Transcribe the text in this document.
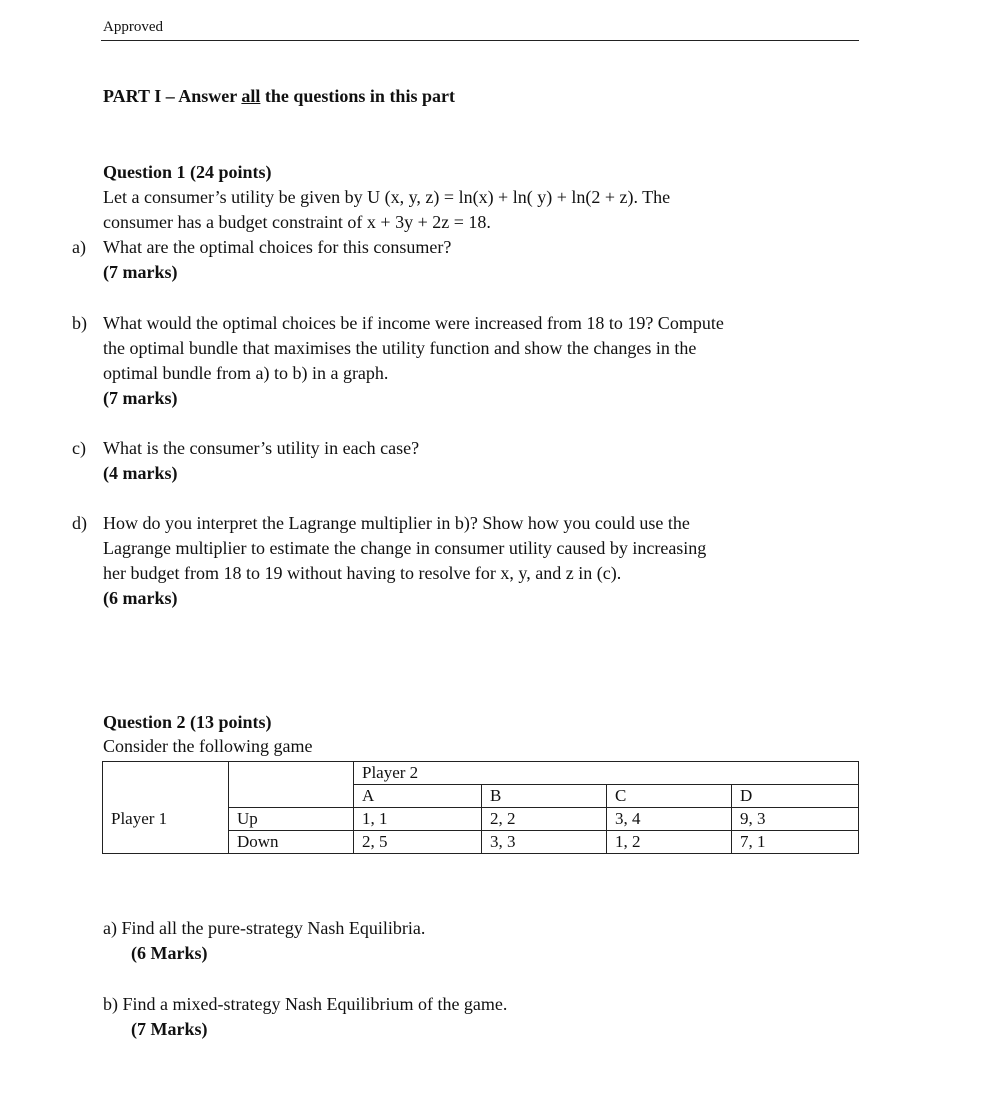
Approved
PART I – Answer all the questions in this part
Question 1 (24 points)
Let a consumer’s utility be given by U (x, y, z) = ln(x) + ln( y) + ln(2 + z). The
consumer has a budget constraint of x + 3y + 2z = 18.
a) What are the optimal choices for this consumer?
(7 marks)
b) What would the optimal choices be if income were increased from 18 to 19? Compute
the optimal bundle that maximises the utility function and show the changes in the
optimal bundle from a) to b) in a graph.
(7 marks)
c) What is the consumer’s utility in each case?
(4 marks)
d) How do you interpret the Lagrange multiplier in b)? Show how you could use the
Lagrange multiplier to estimate the change in consumer utility caused by increasing
her budget from 18 to 19 without having to resolve for x, y, and z in (c).
(6 marks)
Question 2 (13 points)
Consider the following game
		Player 2			
		A	B	C	D
Player 1	Up	1, 1	2, 2	3, 4	9, 3
	Down	2, 5	3, 3	1, 2	7, 1
a) Find all the pure-strategy Nash Equilibria.
(6 Marks)
b) Find a mixed-strategy Nash Equilibrium of the game.
(7 Marks)
